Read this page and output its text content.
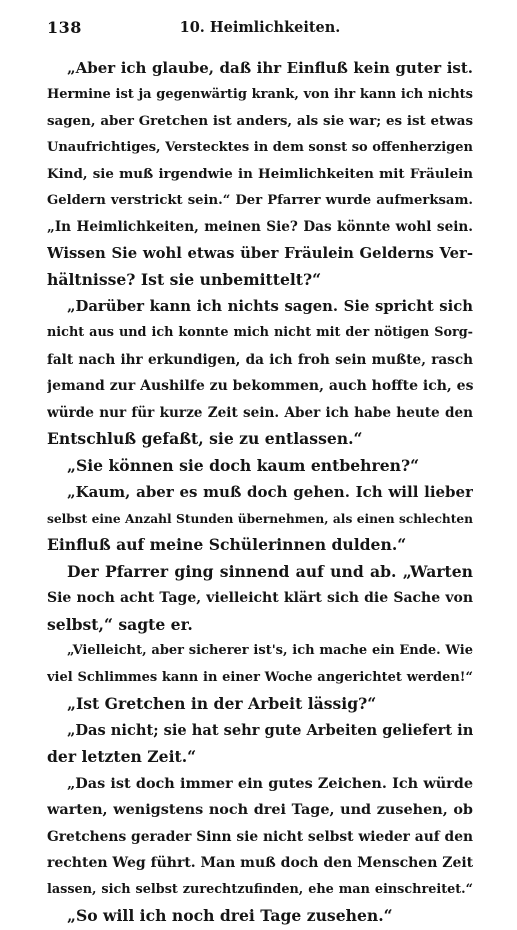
138	10. Heimlichkeiten.
„Aber ich glaube, daß ihr Einfluß kein guter ist.
Hermine ist ja gegenwärtig krank, von ihr kann ich nichts
sagen, aber Gretchen ist anders, als sie war; es ist etwas
Unaufrichtiges, Verstecktes in dem sonst so offenherzigen
Kind, sie muß irgendwie in Heimlichkeiten mit Fräulein
Geldern verstrickt sein.“ Der Pfarrer wurde aufmerksam.
„In Heimlichkeiten, meinen Sie? Das könnte wohl sein.
Wissen Sie wohl etwas über Fräulein Gelderns Ver-
hältnisse? Ist sie unbemittelt?“
„Darüber kann ich nichts sagen. Sie spricht sich
nicht aus und ich konnte mich nicht mit der nötigen Sorg-
falt nach ihr erkundigen, da ich froh sein mußte, rasch
jemand zur Aushilfe zu bekommen, auch hoffte ich, es
würde nur für kurze Zeit sein. Aber ich habe heute den
Entschluß gefaßt, sie zu entlassen.“
„Sie können sie doch kaum entbehren?“
„Kaum, aber es muß doch gehen. Ich will lieber
selbst eine Anzahl Stunden übernehmen, als einen schlechten
Einfluß auf meine Schülerinnen dulden.“
Der Pfarrer ging sinnend auf und ab. „Warten
Sie noch acht Tage, vielleicht klärt sich die Sache von
selbst,“ sagte er.
„Vielleicht, aber sicherer ist's, ich mache ein Ende. Wie
viel Schlimmes kann in einer Woche angerichtet werden!“
„Ist Gretchen in der Arbeit lässig?“
„Das nicht; sie hat sehr gute Arbeiten geliefert in
der letzten Zeit.“
„Das ist doch immer ein gutes Zeichen. Ich würde
warten, wenigstens noch drei Tage, und zusehen, ob
Gretchens gerader Sinn sie nicht selbst wieder auf den
rechten Weg führt. Man muß doch den Menschen Zeit
lassen, sich selbst zurechtzufinden, ehe man einschreitet.“
„So will ich noch drei Tage zusehen.“
